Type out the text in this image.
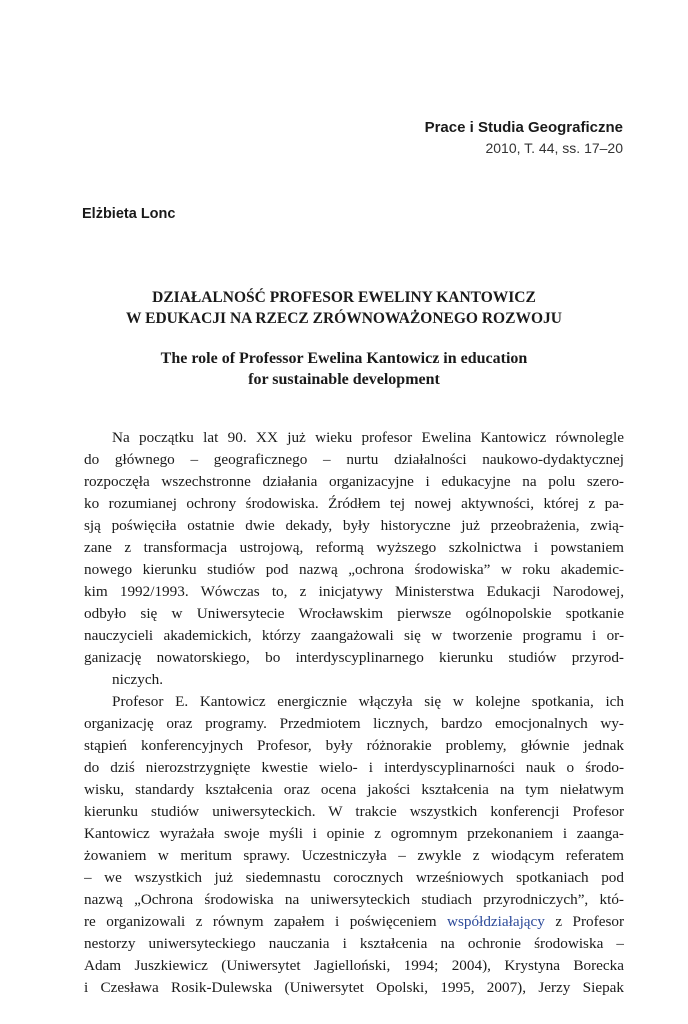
Prace i Studia Geograficzne
2010, T. 44, ss. 17–20
Elżbieta Lonc
DZIAŁALNOŚĆ PROFESOR EWELINY KANTOWICZ
W EDUKACJI NA RZECZ ZRÓWNOWAŻONEGO ROZWOJU
The role of Professor Ewelina Kantowicz in education
for sustainable development
Na początku lat 90. XX już wieku profesor Ewelina Kantowicz równolegle
do głównego – geograficznego – nurtu działalności naukowo-dydaktycznej
rozpoczęła wszechstronne działania organizacyjne i edukacyjne na polu szero-
ko rozumianej ochrony środowiska. Źródłem tej nowej aktywności, której z pa-
sją poświęciła ostatnie dwie dekady, były historyczne już przeobrażenia, zwią-
zane z transformacja ustrojową, reformą wyższego szkolnictwa i powstaniem
nowego kierunku studiów pod nazwą „ochrona środowiska” w roku akademic-
kim 1992/1993. Wówczas to, z inicjatywy Ministerstwa Edukacji Narodowej,
odbyło się w Uniwersytecie Wrocławskim pierwsze ogólnopolskie spotkanie
nauczycieli akademickich, którzy zaangażowali się w tworzenie programu i or-
ganizację nowatorskiego, bo interdyscyplinarnego kierunku studiów przyrod-
niczych.
Profesor E. Kantowicz energicznie włączyła się w kolejne spotkania, ich
organizację oraz programy. Przedmiotem licznych, bardzo emocjonalnych wy-
stąpień konferencyjnych Profesor, były różnorakie problemy, głównie jednak
do dziś nierozstrzygnięte kwestie wielo- i interdyscyplinarności nauk o środo-
wisku, standardy kształcenia oraz ocena jakości kształcenia na tym niełatwym
kierunku studiów uniwersyteckich. W trakcie wszystkich konferencji Profesor
Kantowicz wyrażała swoje myśli i opinie z ogromnym przekonaniem i zaanga-
żowaniem w meritum sprawy. Uczestniczyła – zwykle z wiodącym referatem
– we wszystkich już siedemnastu corocznych wrześniowych spotkaniach pod
nazwą „Ochrona środowiska na uniwersyteckich studiach przyrodniczych”, któ-
re organizowali z równym zapałem i poświęceniem współdziałający z Profesor
nestorzy uniwersyteckiego nauczania i kształcenia na ochronie środowiska –
Adam Juszkiewicz (Uniwersytet Jagielloński, 1994; 2004), Krystyna Borecka
i Czesława Rosik-Dulewska (Uniwersytet Opolski, 1995, 2007), Jerzy Siepak
